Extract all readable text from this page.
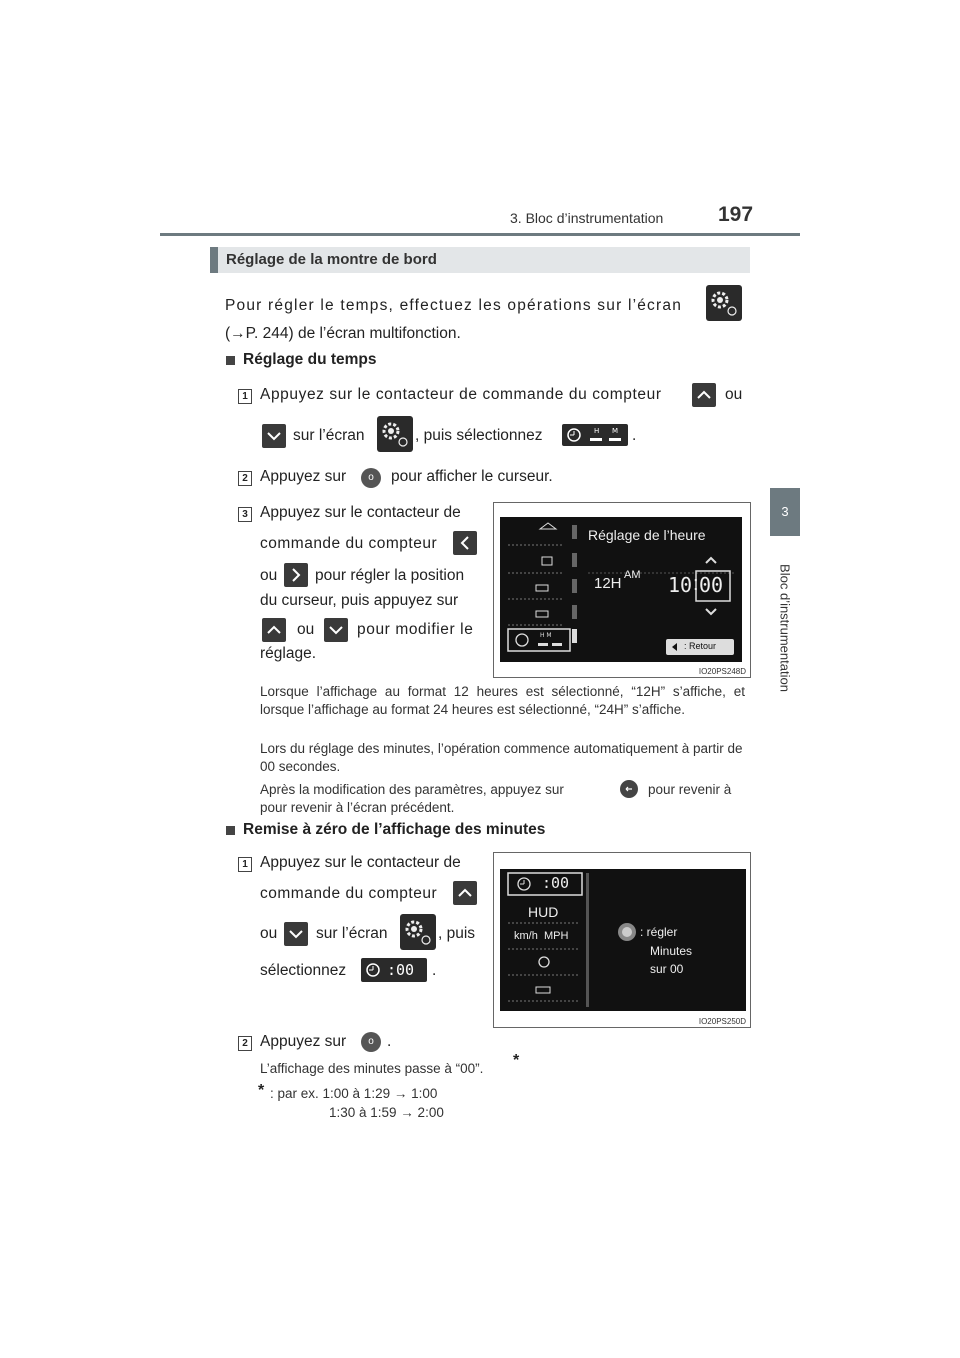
3. Bloc d’instrumentation	197
3
Bloc d’instrumentation
Réglage de la montre de bord
Pour régler le temps, effectuez les opérations sur l’écran
(→P. 244) de l’écran multifonction.
Réglage du temps
1 Appuyez sur le contacteur de commande du compteur	ou
sur l’écran	, puis sélectionnez	H M .
2 Appuyez sur	o	pour afficher le curseur.
3 Appuyez sur le contacteur de
commande du compteur
ou pour régler la position
du curseur, puis appuyez sur
ou	pour modifier le
réglage.
H M
Réglage de l’heure
12H AM 10 : 00
: Retour
IO20PS248D
Lorsque l’affichage au format 12 heures est sélectionné, “12H” s’affiche, et lorsque l’affichage au format 24 heures est sélectionné, “24H” s’affiche.
Lors du réglage des minutes, l’opération commence automatiquement à partir de 00 secondes.
Après la modification des paramètres, appuyez sur	pour revenir à
pour revenir à l’écran précédent.
Remise à zéro de l’affichage des minutes
1 Appuyez sur le contacteur de
commande du compteur
ou	sur l’écran	, puis
sélectionnez	:00 .
:00
HUD
km/h  MPH	: régler
Minutes
sur 00
IO20PS250D
2 Appuyez sur	o .
L’affichage des minutes passe à “00”. *
* : par ex. 1:00 à 1:29 → 1:00
1:30 à 1:59 → 2:00
